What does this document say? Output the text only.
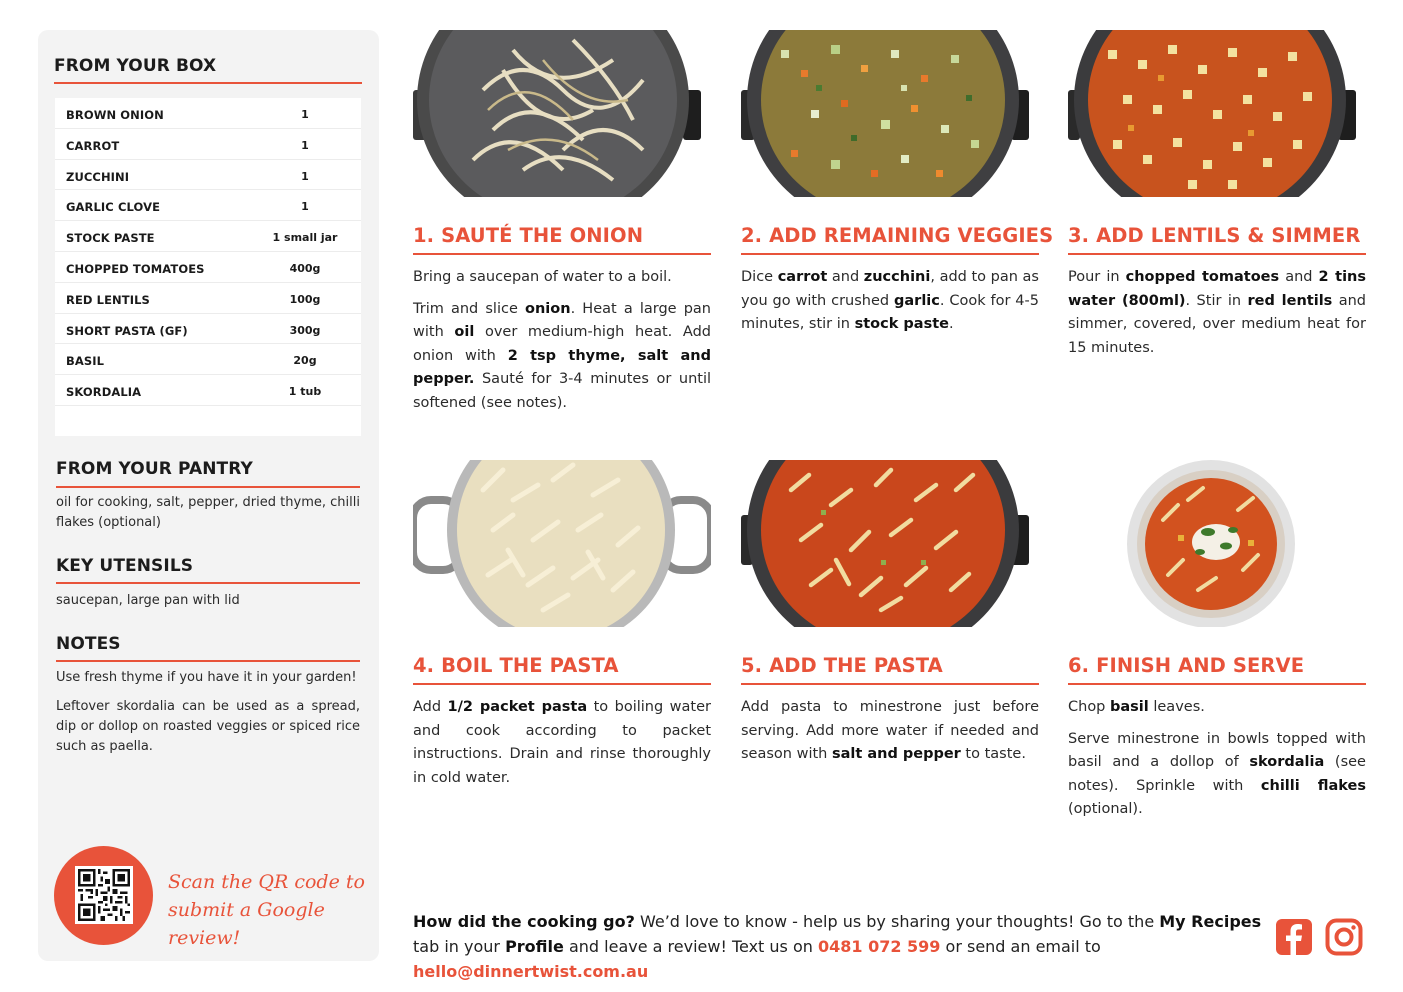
FROM YOUR BOX
BROWN ONION	1
CARROT	1
ZUCCHINI	1
GARLIC CLOVE	1
STOCK PASTE	1 small jar
CHOPPED TOMATOES	400g
RED LENTILS	100g
SHORT PASTA (GF)	300g
BASIL	20g
SKORDALIA	1 tub
FROM YOUR PANTRY
oil for cooking, salt, pepper, dried thyme, chilli flakes (optional)
KEY UTENSILS
saucepan, large pan with lid
NOTES
Use fresh thyme if you have it in your garden!
Leftover skordalia can be used as a spread, dip or dollop on roasted veggies or spiced rice such as paella.
Scan the QR code to
submit a Google review!
1. SAUTÉ THE ONION

Bring a saucepan of water to a boil.

Trim and slice onion. Heat a large pan with oil over medium-high heat. Add onion with 2 tsp thyme, salt and pepper. Sauté for 3-4 minutes or until softened (see notes).

2. ADD REMAINING VEGGIES

Dice carrot and zucchini, add to pan as you go with crushed garlic. Cook for 4-5 minutes, stir in stock paste.

3. ADD LENTILS & SIMMER

Pour in chopped tomatoes and 2 tins water (800ml). Stir in red lentils and simmer, covered, over medium heat for 15 minutes.

4. BOIL THE PASTA

Add 1/2 packet pasta to boiling water and cook according to packet instructions. Drain and rinse thoroughly in cold water.

5. ADD THE PASTA

Add pasta to minestrone just before serving. Add more water if needed and season with salt and pepper to taste.

6. FINISH AND SERVE

Chop basil leaves.

Serve minestrone in bowls topped with basil and a dollop of skordalia (see notes). Sprinkle with chilli flakes (optional).

How did the cooking go? We’d love to know - help us by sharing your thoughts! Go to the My Recipes tab in your Profile and leave a review! Text us on 0481 072 599 or send an email to hello@dinnertwist.com.au
